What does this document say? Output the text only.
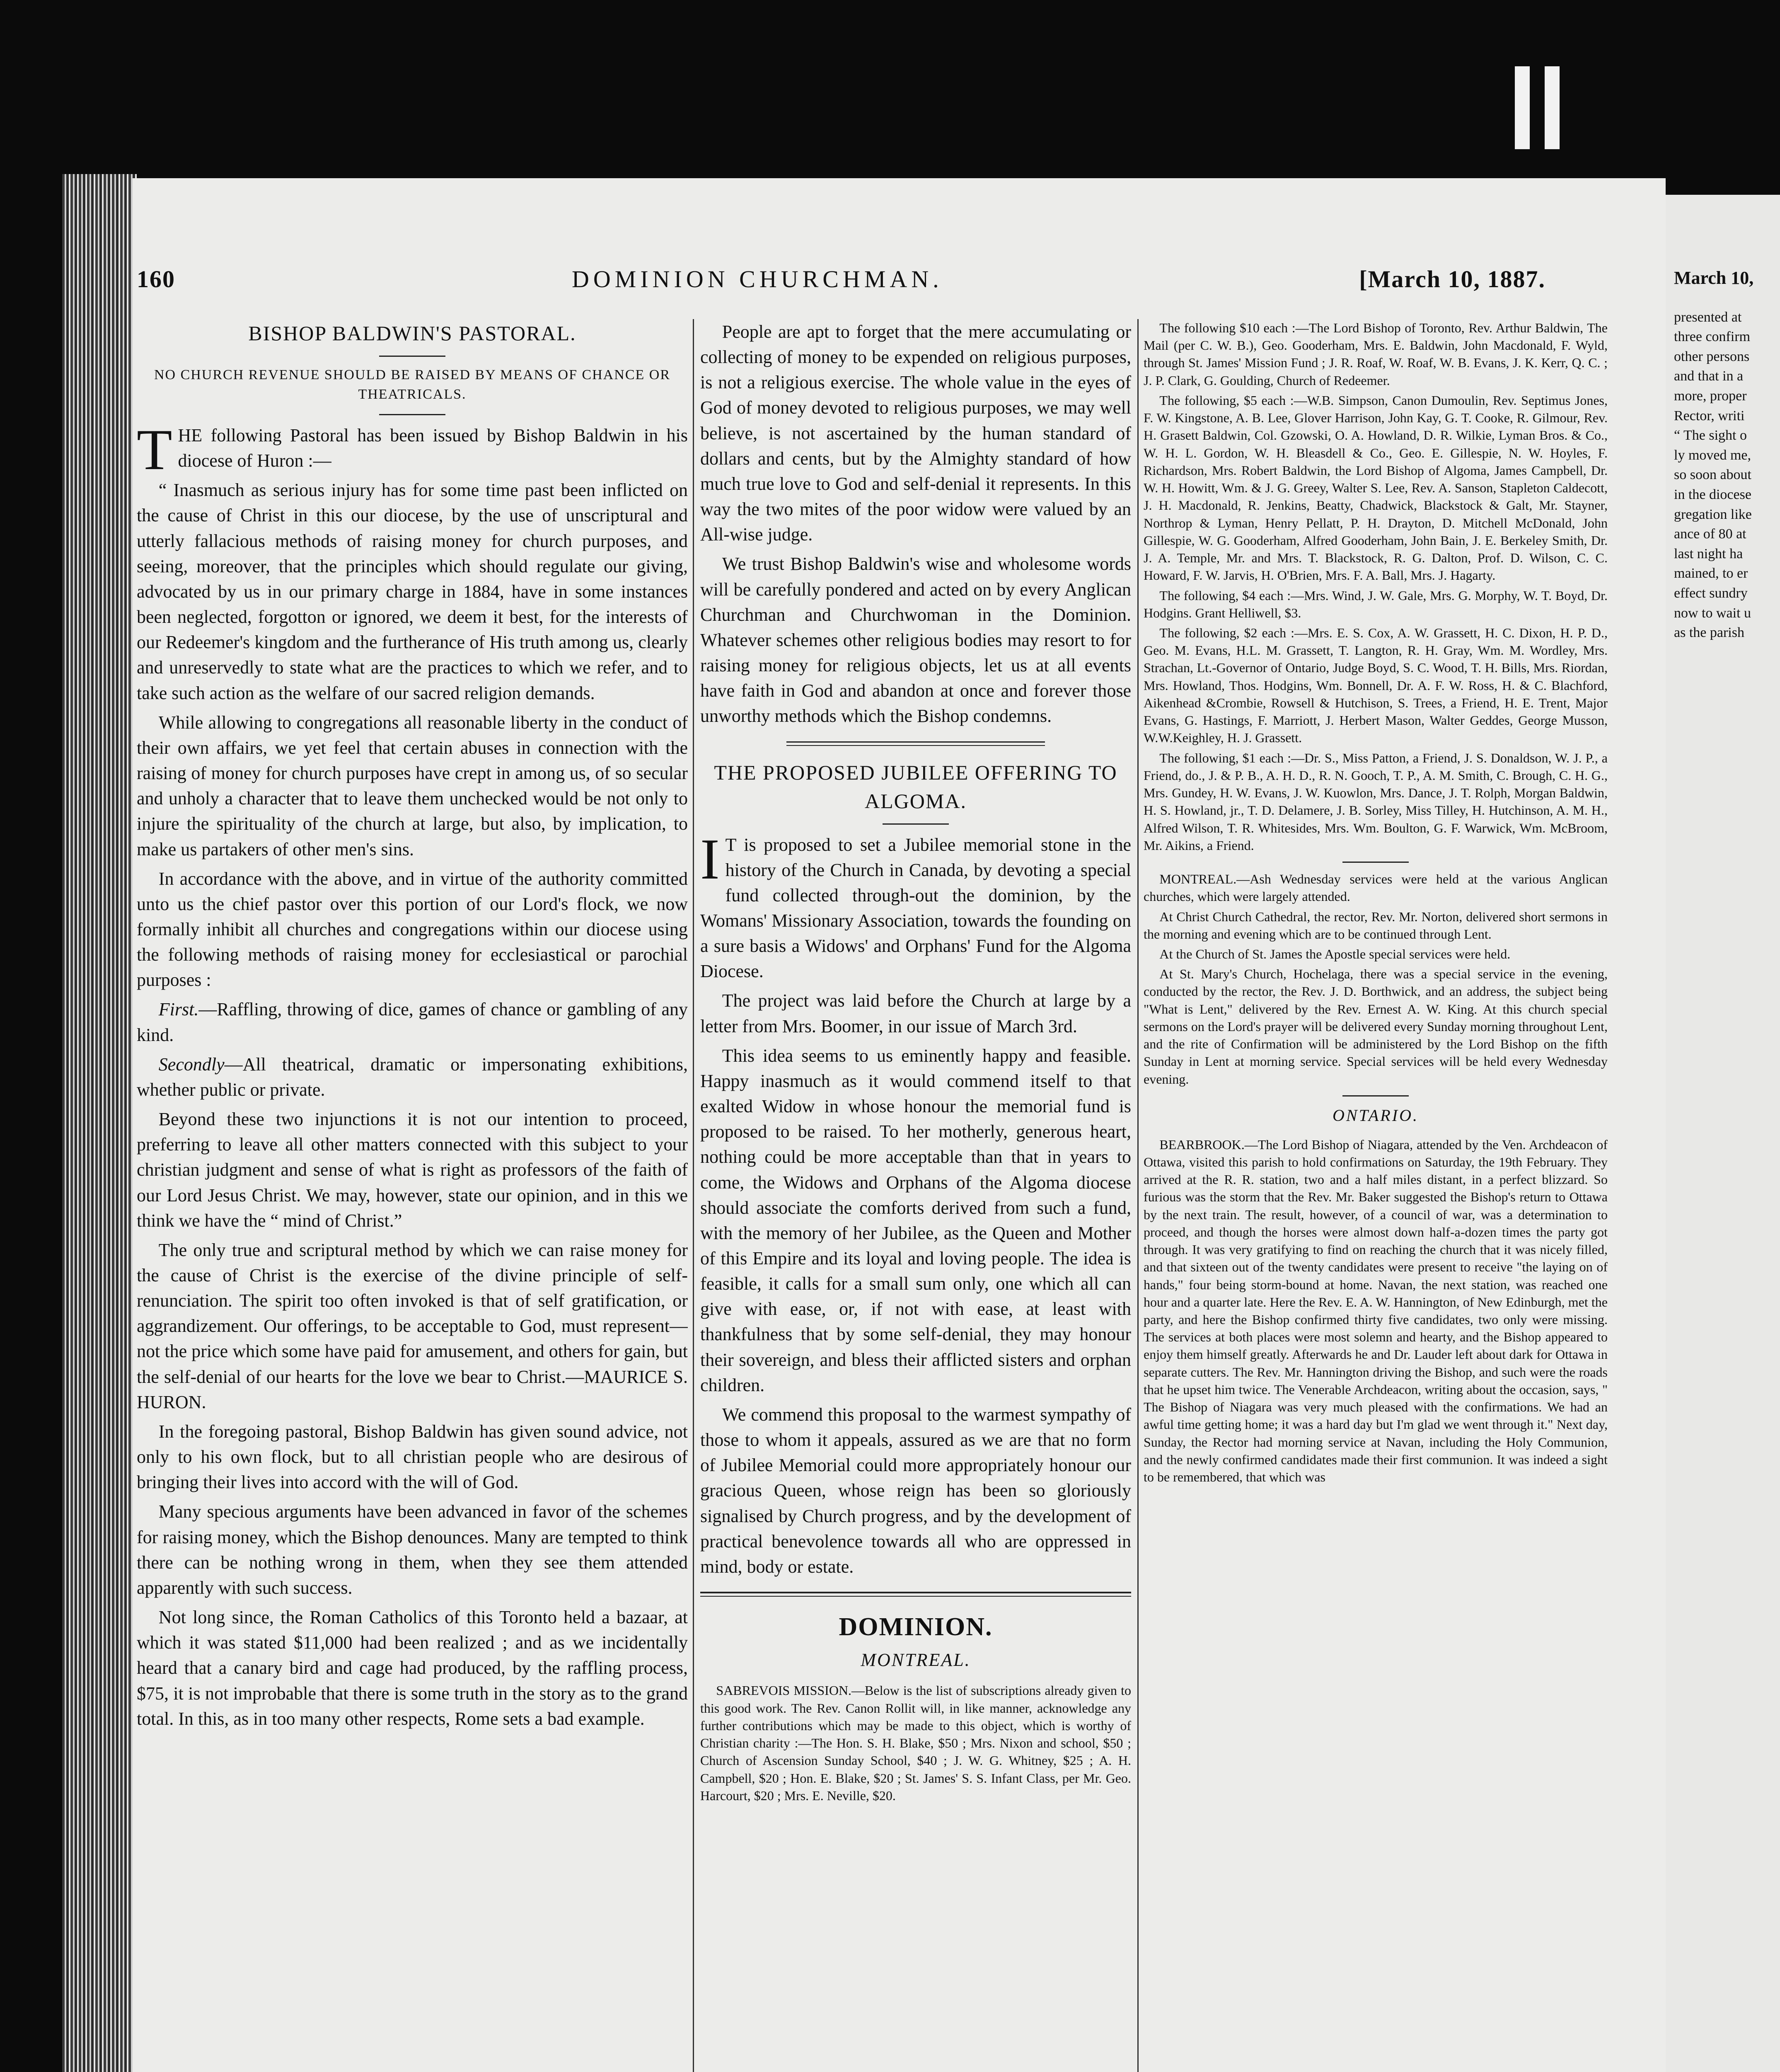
160	DOMINION CHURCHMAN.	[March 10, 1887.
BISHOP BALDWIN'S PASTORAL.
NO CHURCH REVENUE SHOULD BE RAISED BY MEANS OF CHANCE OR THEATRICALS.

THE following Pastoral has been issued by Bishop Baldwin in his diocese of Huron :—

“ Inasmuch as serious injury has for some time past been inflicted on the cause of Christ in this our diocese, by the use of unscriptural and utterly fallacious methods of raising money for church purposes, and seeing, moreover, that the principles which should regulate our giving, advocated by us in our primary charge in 1884, have in some instances been neglected, forgotton or ignored, we deem it best, for the interests of our Redeemer's kingdom and the furtherance of His truth among us, clearly and unreservedly to state what are the practices to which we refer, and to take such action as the welfare of our sacred religion demands.

While allowing to congregations all reasonable liberty in the conduct of their own affairs, we yet feel that certain abuses in connection with the raising of money for church purposes have crept in among us, of so secular and unholy a character that to leave them unchecked would be not only to injure the spirituality of the church at large, but also, by implication, to make us partakers of other men's sins.

In accordance with the above, and in virtue of the authority committed unto us the chief pastor over this portion of our Lord's flock, we now formally inhibit all churches and congregations within our diocese using the following methods of raising money for ecclesiastical or parochial purposes :

First.—Raffling, throwing of dice, games of chance or gambling of any kind.

Secondly—All theatrical, dramatic or impersonating exhibitions, whether public or private.

Beyond these two injunctions it is not our intention to proceed, preferring to leave all other matters connected with this subject to your christian judgment and sense of what is right as professors of the faith of our Lord Jesus Christ. We may, however, state our opinion, and in this we think we have the “ mind of Christ.”

The only true and scriptural method by which we can raise money for the cause of Christ is the exercise of the divine principle of self-renunciation. The spirit too often invoked is that of self gratification, or aggrandizement. Our offerings, to be acceptable to God, must represent—not the price which some have paid for amusement, and others for gain, but the self-denial of our hearts for the love we bear to Christ.—MAURICE S. HURON.

In the foregoing pastoral, Bishop Baldwin has given sound advice, not only to his own flock, but to all christian people who are desirous of bringing their lives into accord with the will of God.

Many specious arguments have been advanced in favor of the schemes for raising money, which the Bishop denounces. Many are tempted to think there can be nothing wrong in them, when they see them attended apparently with such success.

Not long since, the Roman Catholics of this Toronto held a bazaar, at which it was stated $11,000 had been realized ; and as we incidentally heard that a canary bird and cage had produced, by the raffling process, $75, it is not improbable that there is some truth in the story as to the grand total. In this, as in too many other respects, Rome sets a bad example.

People are apt to forget that the mere accumulating or collecting of money to be expended on religious purposes, is not a religious exercise. The whole value in the eyes of God of money devoted to religious purposes, we may well believe, is not ascertained by the human standard of dollars and cents, but by the Almighty standard of how much true love to God and self-denial it represents. In this way the two mites of the poor widow were valued by an All-wise judge.

We trust Bishop Baldwin's wise and wholesome words will be carefully pondered and acted on by every Anglican Churchman and Churchwoman in the Dominion. Whatever schemes other religious bodies may resort to for raising money for religious objects, let us at all events have faith in God and abandon at once and forever those unworthy methods which the Bishop condemns.

THE PROPOSED JUBILEE OFFERING TO ALGOMA.

I T is proposed to set a Jubilee memorial stone in the history of the Church in Canada, by devoting a special fund collected through-out the dominion, by the Womans' Missionary Association, towards the founding on a sure basis a Widows' and Orphans' Fund for the Algoma Diocese.

The project was laid before the Church at large by a letter from Mrs. Boomer, in our issue of March 3rd.

This idea seems to us eminently happy and feasible. Happy inasmuch as it would commend itself to that exalted Widow in whose honour the memorial fund is proposed to be raised. To her motherly, generous heart, nothing could be more acceptable than that in years to come, the Widows and Orphans of the Algoma diocese should associate the comforts derived from such a fund, with the memory of her Jubilee, as the Queen and Mother of this Empire and its loyal and loving people. The idea is feasible, it calls for a small sum only, one which all can give with ease, or, if not with ease, at least with thankfulness that by some self-denial, they may honour their sovereign, and bless their afflicted sisters and orphan children.

We commend this proposal to the warmest sympathy of those to whom it appeals, assured as we are that no form of Jubilee Memorial could more appropriately honour our gracious Queen, whose reign has been so gloriously signalised by Church progress, and by the development of practical benevolence towards all who are oppressed in mind, body or estate.

DOMINION.
MONTREAL.

SABREVOIS MISSION.—Below is the list of subscriptions already given to this good work. The Rev. Canon Rollit will, in like manner, acknowledge any further contributions which may be made to this object, which is worthy of Christian charity :—The Hon. S. H. Blake, $50 ; Mrs. Nixon and school, $50 ; Church of Ascension Sunday School, $40 ; J. W. G. Whitney, $25 ; A. H. Campbell, $20 ; Hon. E. Blake, $20 ; St. James' S. S. Infant Class, per Mr. Geo. Harcourt, $20 ; Mrs. E. Neville, $20.

The following $10 each :—The Lord Bishop of Toronto, Rev. Arthur Baldwin, The Mail (per C. W. B.), Geo. Gooderham, Mrs. E. Baldwin, John Macdonald, F. Wyld, through St. James' Mission Fund ; J. R. Roaf, W. Roaf, W. B. Evans, J. K. Kerr, Q. C. ; J. P. Clark, G. Goulding, Church of Redeemer.

The following, $5 each :—W.B. Simpson, Canon Dumoulin, Rev. Septimus Jones, F. W. Kingstone, A. B. Lee, Glover Harrison, John Kay, G. T. Cooke, R. Gilmour, Rev. H. Grasett Baldwin, Col. Gzowski, O. A. Howland, D. R. Wilkie, Lyman Bros. & Co., W. H. L. Gordon, W. H. Bleasdell & Co., Geo. E. Gillespie, N. W. Hoyles, F. Richardson, Mrs. Robert Baldwin, the Lord Bishop of Algoma, James Campbell, Dr. W. H. Howitt, Wm. & J. G. Greey, Walter S. Lee, Rev. A. Sanson, Stapleton Caldecott, J. H. Macdonald, R. Jenkins, Beatty, Chadwick, Blackstock & Galt, Mr. Stayner, Northrop & Lyman, Henry Pellatt, P. H. Drayton, D. Mitchell McDonald, John Gillespie, W. G. Gooderham, Alfred Gooderham, John Bain, J. E. Berkeley Smith, Dr. J. A. Temple, Mr. and Mrs. T. Blackstock, R. G. Dalton, Prof. D. Wilson, C. C. Howard, F. W. Jarvis, H. O'Brien, Mrs. F. A. Ball, Mrs. J. Hagarty.

The following, $4 each :—Mrs. Wind, J. W. Gale, Mrs. G. Morphy, W. T. Boyd, Dr. Hodgins. Grant Helliwell, $3.

The following, $2 each :—Mrs. E. S. Cox, A. W. Grassett, H. C. Dixon, H. P. D., Geo. M. Evans, H.L. M. Grassett, T. Langton, R. H. Gray, Wm. M. Wordley, Mrs. Strachan, Lt.-Governor of Ontario, Judge Boyd, S. C. Wood, T. H. Bills, Mrs. Riordan, Mrs. Howland, Thos. Hodgins, Wm. Bonnell, Dr. A. F. W. Ross, H. & C. Blachford, Aikenhead &Crombie, Rowsell & Hutchison, S. Trees, a Friend, H. E. Trent, Major Evans, G. Hastings, F. Marriott, J. Herbert Mason, Walter Geddes, George Musson, W.W.Keighley, H. J. Grassett.

The following, $1 each :—Dr. S., Miss Patton, a Friend, J. S. Donaldson, W. J. P., a Friend, do., J. & P. B., A. H. D., R. N. Gooch, T. P., A. M. Smith, C. Brough, C. H. G., Mrs. Gundey, H. W. Evans, J. W. Kuowlon, Mrs. Dance, J. T. Rolph, Morgan Baldwin, H. S. Howland, jr., T. D. Delamere, J. B. Sorley, Miss Tilley, H. Hutchinson, A. M. H., Alfred Wilson, T. R. Whitesides, Mrs. Wm. Boulton, G. F. Warwick, Wm. McBroom, Mr. Aikins, a Friend.

MONTREAL.—Ash Wednesday services were held at the various Anglican churches, which were largely attended.

At Christ Church Cathedral, the rector, Rev. Mr. Norton, delivered short sermons in the morning and evening which are to be continued through Lent.

At the Church of St. James the Apostle special services were held.

At St. Mary's Church, Hochelaga, there was a special service in the evening, conducted by the rector, the Rev. J. D. Borthwick, and an address, the subject being "What is Lent," delivered by the Rev. Ernest A. W. King. At this church special sermons on the Lord's prayer will be delivered every Sunday morning throughout Lent, and the rite of Confirmation will be administered by the Lord Bishop on the fifth Sunday in Lent at morning service. Special services will be held every Wednesday evening.

ONTARIO.

BEARBROOK.—The Lord Bishop of Niagara, attended by the Ven. Archdeacon of Ottawa, visited this parish to hold confirmations on Saturday, the 19th February. They arrived at the R. R. station, two and a half miles distant, in a perfect blizzard. So furious was the storm that the Rev. Mr. Baker suggested the Bishop's return to Ottawa by the next train. The result, however, of a council of war, was a determination to proceed, and though the horses were almost down half-a-dozen times the party got through. It was very gratifying to find on reaching the church that it was nicely filled, and that sixteen out of the twenty candidates were present to receive "the laying on of hands," four being storm-bound at home. Navan, the next station, was reached one hour and a quarter late. Here the Rev. E. A. W. Hannington, of New Edinburgh, met the party, and here the Bishop confirmed thirty five candidates, two only were missing. The services at both places were most solemn and hearty, and the Bishop appeared to enjoy them himself greatly. Afterwards he and Dr. Lauder left about dark for Ottawa in separate cutters. The Rev. Mr. Hannington driving the Bishop, and such were the roads that he upset him twice. The Venerable Archdeacon, writing about the occasion, says, " The Bishop of Niagara was very much pleased with the confirmations. We had an awful time getting home; it was a hard day but I'm glad we went through it." Next day, Sunday, the Rector had morning service at Navan, including the Holy Communion, and the newly confirmed candidates made their first communion. It was indeed a sight to be remembered, that which was

March 10,

presented at

three confirm

other persons

and that in a

more, proper

Rector, writi

“ The sight o

ly moved me,

so soon about

in the diocese

gregation like

ance of 80 at

last night ha

mained, to er

effect sundry

now to wait u

as the parish
